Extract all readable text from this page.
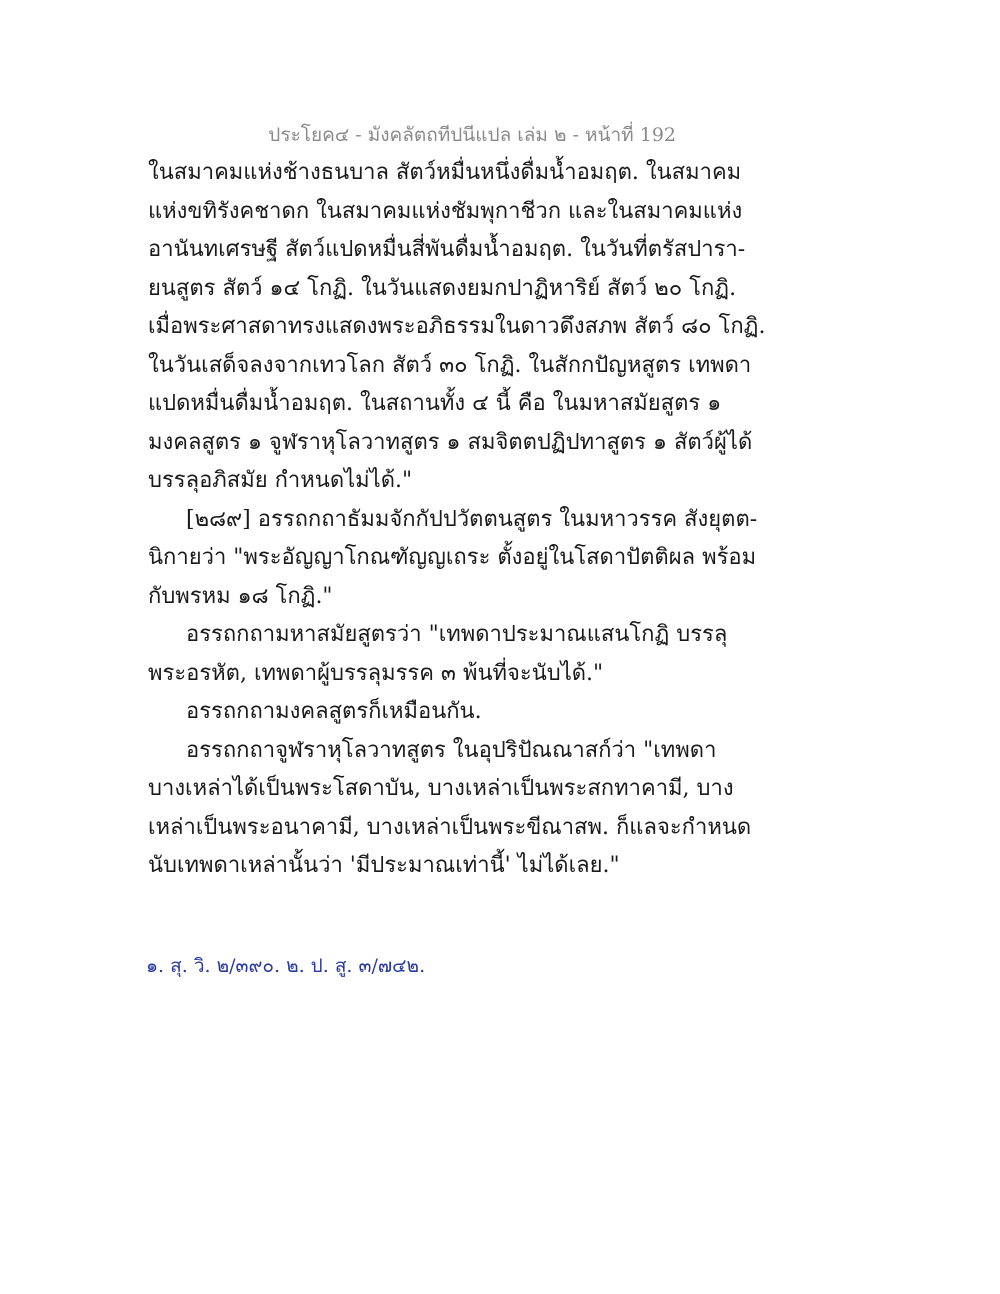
ประโยค๔ - มังคลัตถทีปนีแปล เล่ม ๒ - หน้าที่ 192
ในสมาคมแห่งช้างธนบาล สัตว์หมื่นหนึ่งดื่มน้ำอมฤต. ในสมาคม
แห่งขทิรังคชาดก ในสมาคมแห่งชัมพุกาชีวก และในสมาคมแห่ง
อานันทเศรษฐี สัตว์แปดหมื่นสี่พันดื่มน้ำอมฤต. ในวันที่ตรัสปารา-
ยนสูตร สัตว์ ๑๔ โกฏิ. ในวันแสดงยมกปาฏิหาริย์ สัตว์ ๒๐ โกฏิ.
เมื่อพระศาสดาทรงแสดงพระอภิธรรมในดาวดึงสภพ สัตว์ ๘๐ โกฏิ.
ในวันเสด็จลงจากเทวโลก สัตว์ ๓๐ โกฏิ. ในสักกปัญหสูตร เทพดา
แปดหมื่นดื่มน้ำอมฤต. ในสถานทั้ง ๔ นี้ คือ ในมหาสมัยสูตร ๑
มงคลสูตร ๑ จูฬราหุโลวาทสูตร ๑ สมจิตตปฏิปทาสูตร ๑ สัตว์ผู้ได้
บรรลุอภิสมัย กำหนดไม่ได้."
[๒๘๙] อรรถกถาธัมมจักกัปปวัตตนสูตร ในมหาวรรค สังยุตต-
นิกายว่า "พระอัญญาโกณฑัญญเถระ ตั้งอยู่ในโสดาปัตติผล พร้อม
กับพรหม ๑๘ โกฏิ."
อรรถกถามหาสมัยสูตรว่า "เทพดาประมาณแสนโกฏิ บรรลุ
พระอรหัต, เทพดาผู้บรรลุมรรค ๓ พ้นที่จะนับได้."
อรรถกถามงคลสูตรก็เหมือนกัน.
อรรถกถาจูฬราหุโลวาทสูตร ในอุปริปัณณาสก์ว่า "เทพดา
บางเหล่าได้เป็นพระโสดาบัน, บางเหล่าเป็นพระสกทาคามี, บาง
เหล่าเป็นพระอนาคามี, บางเหล่าเป็นพระขีณาสพ. ก็แลจะกำหนด
นับเทพดาเหล่านั้นว่า 'มีประมาณเท่านี้' ไม่ได้เลย."
๑. สุ. วิ. ๒/๓๙๐. ๒. ป. สู. ๓/๗๔๒.
